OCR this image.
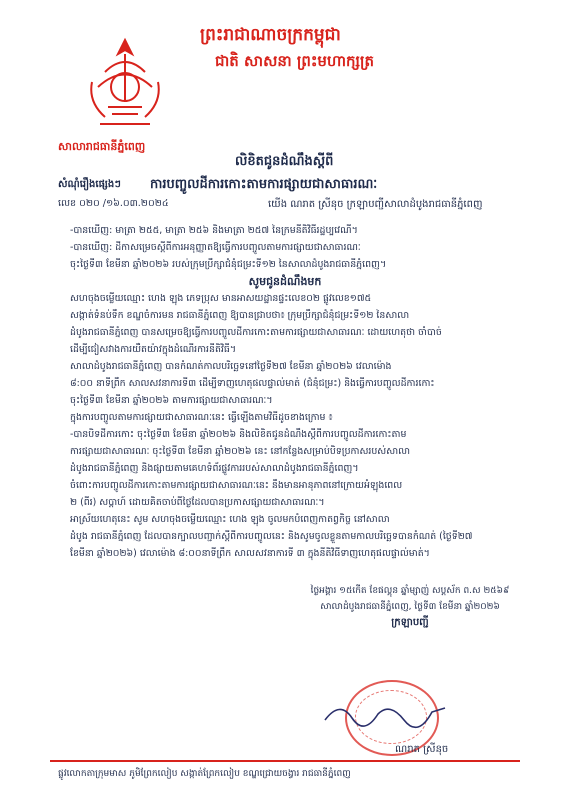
ព្រះរាជាណាចក្រកម្ពុជា
ជាតិ សាសនា ព្រះមហាក្សត្រ
សាលារាជធានីភ្នំពេញ
សំណុំរឿងផ្សេងៗ
លេខ ០២០ /១៦.០៣.២០២៤
លិខិតជូនដំណឹងស្តីពី
ការបញ្ចូលដីការកោះតាមការផ្សាយជាសាធារណៈ
យើង ណរាត ស្រីនុច ក្រឡាបញ្ជីសាលាដំបូងរាជធានីភ្នំពេញ
-បានឃើញ: មាត្រា ២៥៥, មាត្រា ២៥៦ និងមាត្រា ២៥៧ នៃក្រមនីតិវិធីរដ្ឋប្បវេណី។
-បានឃើញ: ដីកាសម្រេចស្តីពីការអនុញ្ញាតឱ្យធ្វើការបញ្ចូលតាមការផ្សាយជាសាធារណៈ
ចុះថ្ងៃទី៣ ខែមីនា ឆ្នាំ២០២៦ របស់ក្រុមប្រឹក្សាជំនុំជម្រះទី១២ នៃសាលាដំបូងរាជធានីភ្នំពេញ។
សូមជូនដំណឹងមក
សហចុងចម្លើយឈ្មោះ ហេង ឡុង ភេទប្រុស មានអាសយដ្ឋានផ្ទះលេខ០២ ផ្លូវលេខ១៧៥
សង្កាត់ទំនប់ទឹក ខណ្ឌចំការមន រាជធានីភ្នំពេញ ឱ្យបានជ្រាបថា៖ ក្រុមប្រឹក្សាជំនុំជម្រះទី១២ នៃសាលា
ដំបូងរាជធានីភ្នំពេញ បានសម្រេចឱ្យធ្វើការបញ្ចូលដីការកោះតាមការផ្សាយជាសាធារណៈ ដោយហេតុថា ចាំបាច់
ដើម្បីជៀសវាងការយឺតយ៉ាវក្នុងដំណើរការនីតិវិធី។
សាលាដំបូងរាជធានីភ្នំពេញ បានកំណត់កាលបរិច្ឆេទនៅថ្ងៃទី២៧ ខែមីនា ឆ្នាំ២០២៦ វេលាម៉ោង
៨:០០ នាទីព្រឹក សាលសវនាការទី៣ ដើម្បីទាញហេតុផលផ្ទាល់មាត់ (ជំនុំជម្រះ) និងធ្វើការបញ្ចូលដីការកោះ
ចុះថ្ងៃទី៣ ខែមីនា ឆ្នាំ២០២៦ តាមការផ្សាយជាសាធារណៈ។
ក្នុងការបញ្ចូលតាមការផ្សាយជាសាធារណៈនេះ ធ្វើឡើងតាមវិធីដូចខាងក្រោម ៖
-បានបិទដីការកោះ ចុះថ្ងៃទី៣ ខែមីនា ឆ្នាំ២០២៦ និងលិខិតជូនដំណឹងស្តីពីការបញ្ចូលដីការកោះតាម
ការផ្សាយជាសាធារណៈ ចុះថ្ងៃទី៣ ខែមីនា ឆ្នាំ២០២៦ នេះ នៅកន្លែងសម្រាប់បិទប្រកាសរបស់សាលា
ដំបូងរាជធានីភ្នំពេញ និងផ្សាយតាមគេហទំព័រផ្លូវការរបស់សាលាដំបូងរាជធានីភ្នំពេញ។
ចំពោះការបញ្ចូលដីការកោះតាមការផ្សាយជាសាធារណៈនេះ នឹងមានអានុភាពនៅក្រោយអំឡុងពេល
២ (ពីរ) សប្តាហ៍ ដោយគិតចាប់ពីថ្ងៃដែលបានប្រកាសផ្សាយជាសាធារណៈ។
អាស្រ័យហេតុនេះ សូម សហចុងចម្លើយឈ្មោះ ហេង ឡុង ចូលមកបំពេញកាតព្វកិច្ច នៅសាលា
ដំបូង រាជធានីភ្នំពេញ ដែលបានក្បាលបញ្ជាក់ស្តីពីការបញ្ចូលនេះ និងសូមចូលខ្លួនតាមកាលបរិច្ឆេទបានកំណត់ (ថ្ងៃទី២៧
ខែមីនា ឆ្នាំ២០២៦) វេលាម៉ោង ៨:០០នាទីព្រឹក សាលសវនាការទី ៣ ក្នុងនីតិវិធីទាញហេតុផលផ្ទាល់មាត់។
ថ្ងៃអង្គារ ១៥កើត ខែផល្គុន ឆ្នាំម្សាញ់ សប្តស័ក ព.ស ២៥៦៩
សាលាដំបូងរាជធានីភ្នំពេញ, ថ្ងៃទី៣ ខែមីនា ឆ្នាំ២០២៦
ក្រឡាបញ្ជី
ណរាត ស្រីនុច
ផ្លូវលោកតាក្រុមមាស ភូមិព្រែកលៀប សង្កាត់ព្រែកលៀប ខណ្ឌជ្រោយចង្វារ រាជធានីភ្នំពេញ
